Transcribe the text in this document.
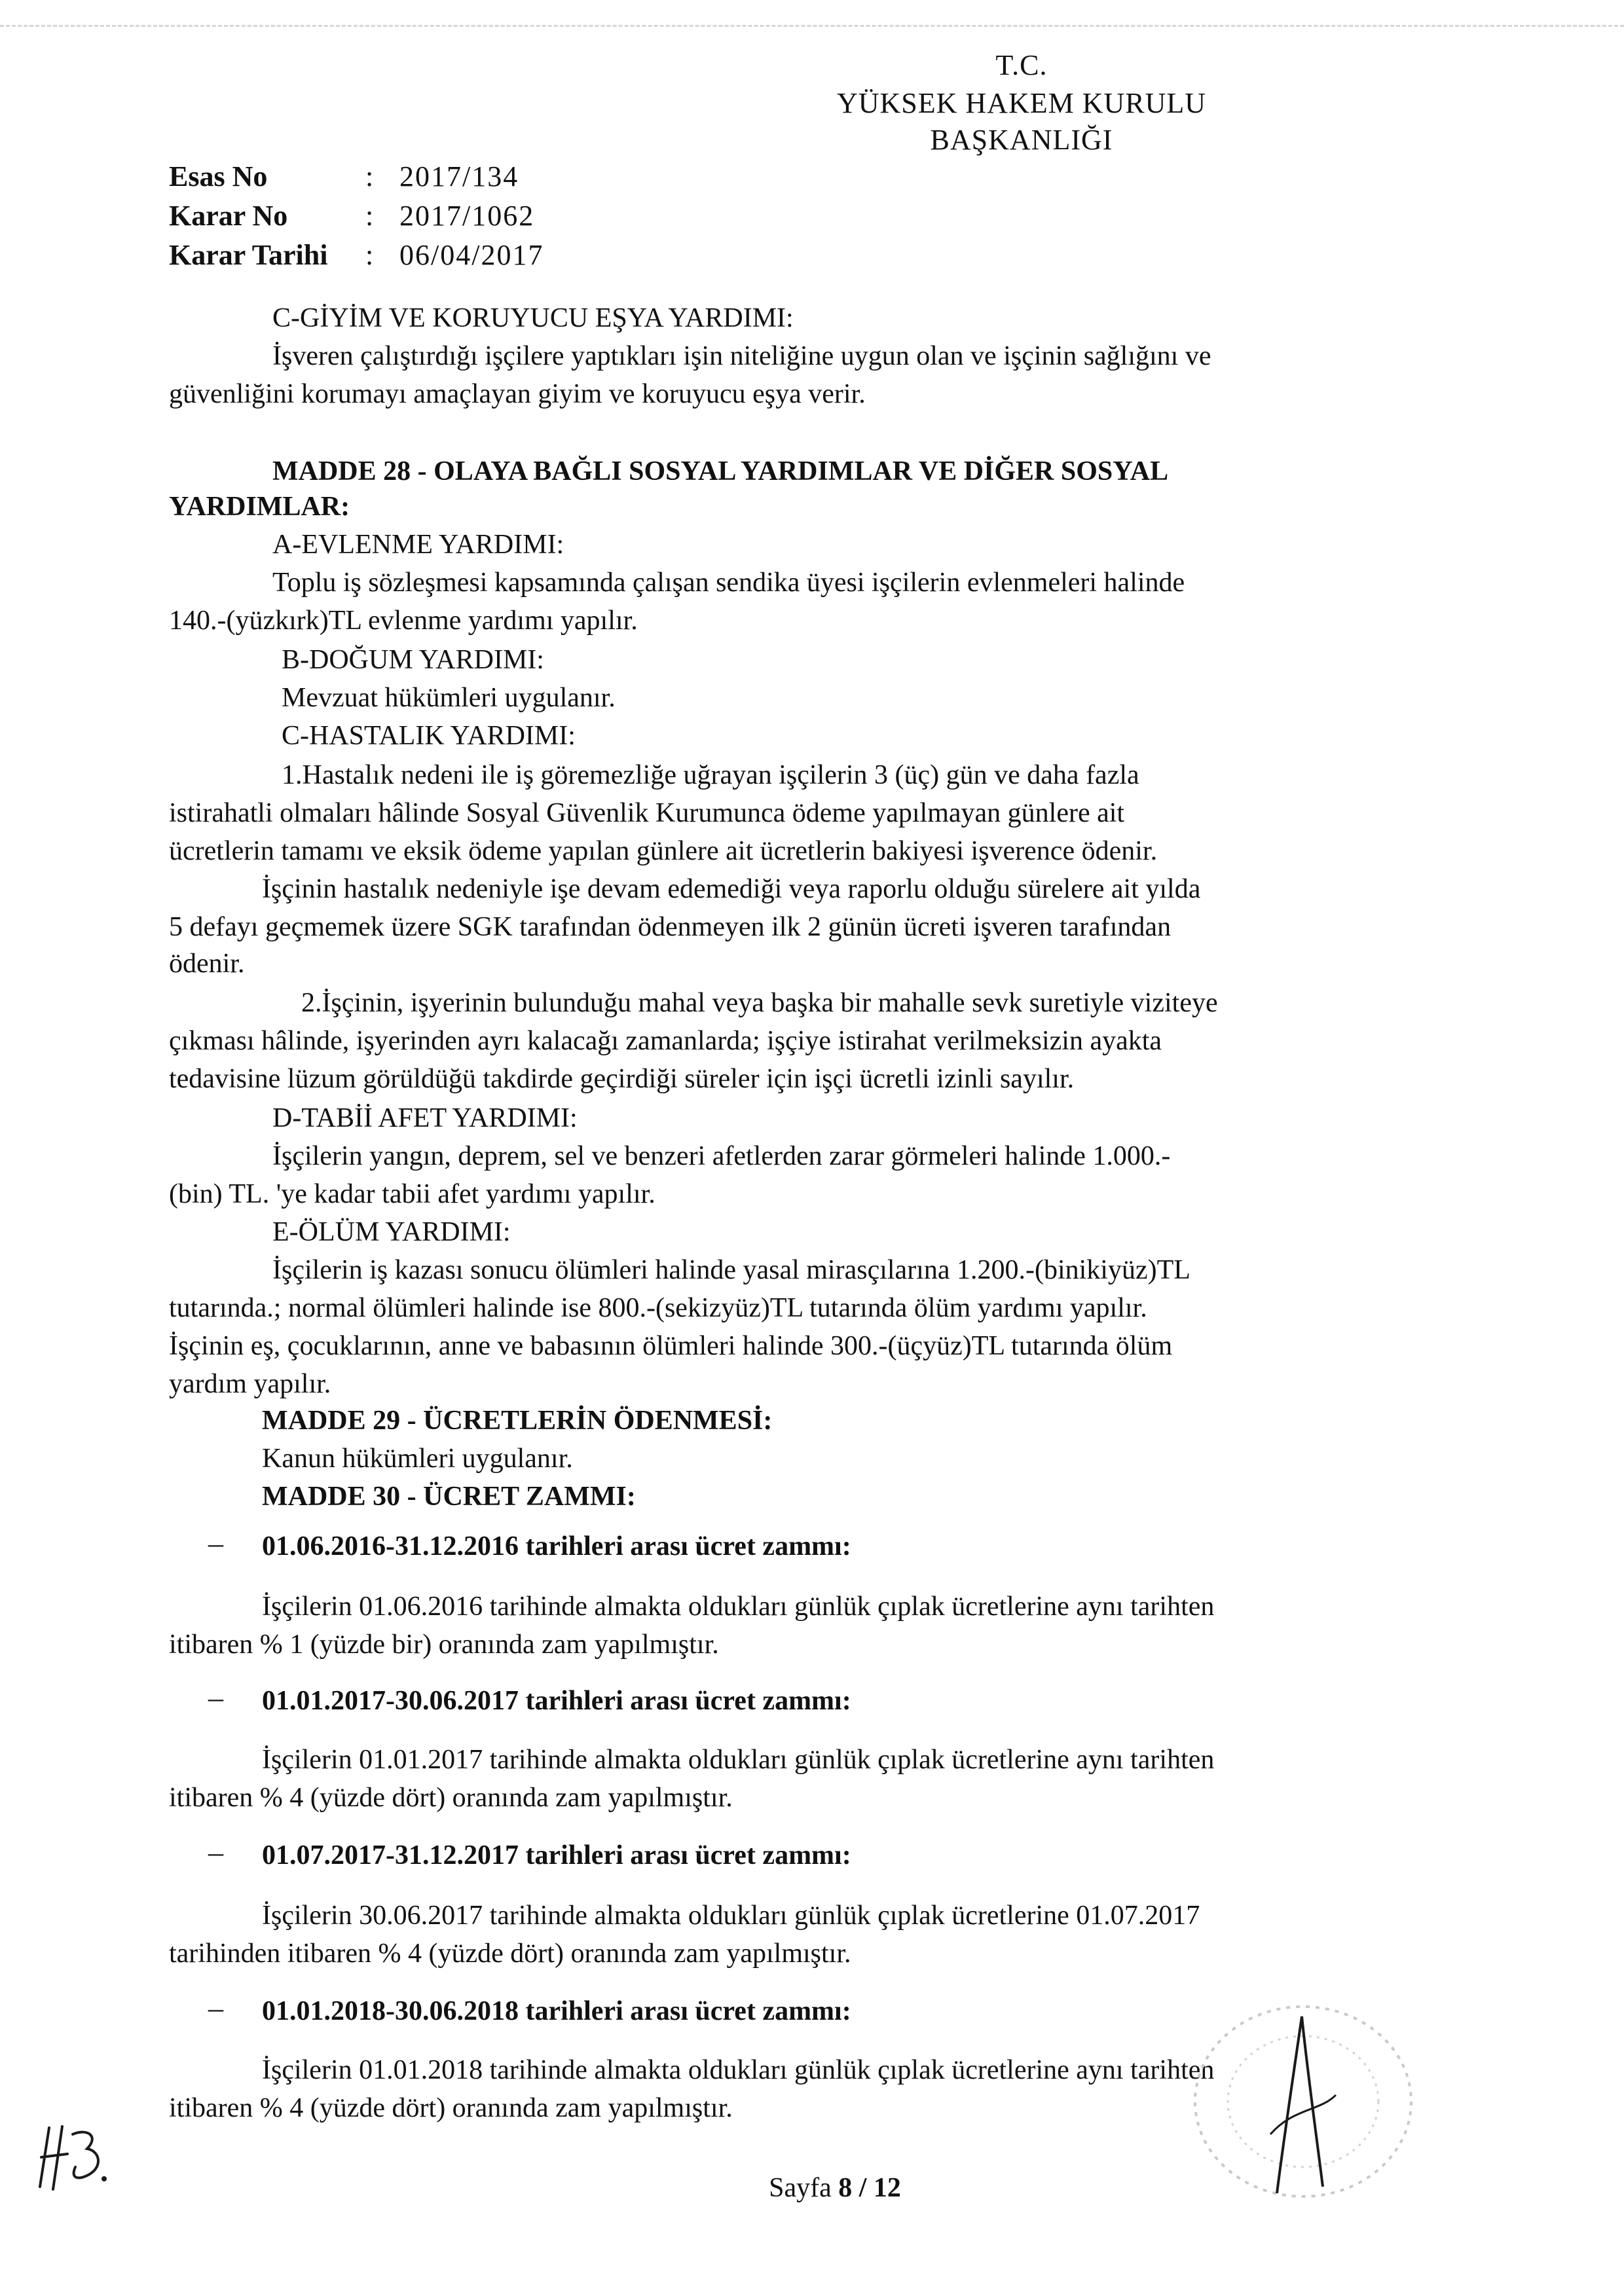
T.C.
YÜKSEK HAKEM KURULU
BAŞKANLIĞI
Esas No	: 2017/134
Karar No	: 2017/1062
Karar Tarihi	: 06/04/2017
C-GİYİM VE KORUYUCU EŞYA YARDIMI:
İşveren çalıştırdığı işçilere yaptıkları işin niteliğine uygun olan ve işçinin sağlığını ve
güvenliğini korumayı amaçlayan giyim ve koruyucu eşya verir.
MADDE 28 - OLAYA BAĞLI SOSYAL YARDIMLAR VE DİĞER SOSYAL
YARDIMLAR:
A-EVLENME YARDIMI:
Toplu iş sözleşmesi kapsamında çalışan sendika üyesi işçilerin evlenmeleri halinde
140.-(yüzkırk)TL evlenme yardımı yapılır.
B-DOĞUM YARDIMI:
Mevzuat hükümleri uygulanır.
C-HASTALIK YARDIMI:
1.Hastalık nedeni ile iş göremezliğe uğrayan işçilerin 3 (üç) gün ve daha fazla
istirahatli olmaları hâlinde Sosyal Güvenlik Kurumunca ödeme yapılmayan günlere ait
ücretlerin tamamı ve eksik ödeme yapılan günlere ait ücretlerin bakiyesi işverence ödenir.
İşçinin hastalık nedeniyle işe devam edemediği veya raporlu olduğu sürelere ait yılda
5 defayı geçmemek üzere SGK tarafından ödenmeyen ilk 2 günün ücreti işveren tarafından
ödenir.
2.İşçinin, işyerinin bulunduğu mahal veya başka bir mahalle sevk suretiyle viziteye
çıkması hâlinde, işyerinden ayrı kalacağı zamanlarda; işçiye istirahat verilmeksizin ayakta
tedavisine lüzum görüldüğü takdirde geçirdiği süreler için işçi ücretli izinli sayılır.
D-TABİİ AFET YARDIMI:
İşçilerin yangın, deprem, sel ve benzeri afetlerden zarar görmeleri halinde 1.000.-
(bin) TL. 'ye kadar tabii afet yardımı yapılır.
E-ÖLÜM YARDIMI:
İşçilerin iş kazası sonucu ölümleri halinde yasal mirasçılarına 1.200.-(binikiyüz)TL
tutarında.; normal ölümleri halinde ise 800.-(sekizyüz)TL tutarında ölüm yardımı yapılır.
İşçinin eş, çocuklarının, anne ve babasının ölümleri halinde 300.-(üçyüz)TL tutarında ölüm
yardım yapılır.
MADDE 29 - ÜCRETLERİN ÖDENMESİ:
Kanun hükümleri uygulanır.
MADDE 30 - ÜCRET ZAMMI:
– 01.06.2016-31.12.2016 tarihleri arası ücret zammı:
İşçilerin 01.06.2016 tarihinde almakta oldukları günlük çıplak ücretlerine aynı tarihten
itibaren % 1 (yüzde bir) oranında zam yapılmıştır.
– 01.01.2017-30.06.2017 tarihleri arası ücret zammı:
İşçilerin 01.01.2017 tarihinde almakta oldukları günlük çıplak ücretlerine aynı tarihten
itibaren % 4 (yüzde dört) oranında zam yapılmıştır.
– 01.07.2017-31.12.2017 tarihleri arası ücret zammı:
İşçilerin 30.06.2017 tarihinde almakta oldukları günlük çıplak ücretlerine 01.07.2017
tarihinden itibaren % 4 (yüzde dört) oranında zam yapılmıştır.
– 01.01.2018-30.06.2018 tarihleri arası ücret zammı:
İşçilerin 01.01.2018 tarihinde almakta oldukları günlük çıplak ücretlerine aynı tarihten
itibaren % 4 (yüzde dört) oranında zam yapılmıştır.
Sayfa 8 / 12
